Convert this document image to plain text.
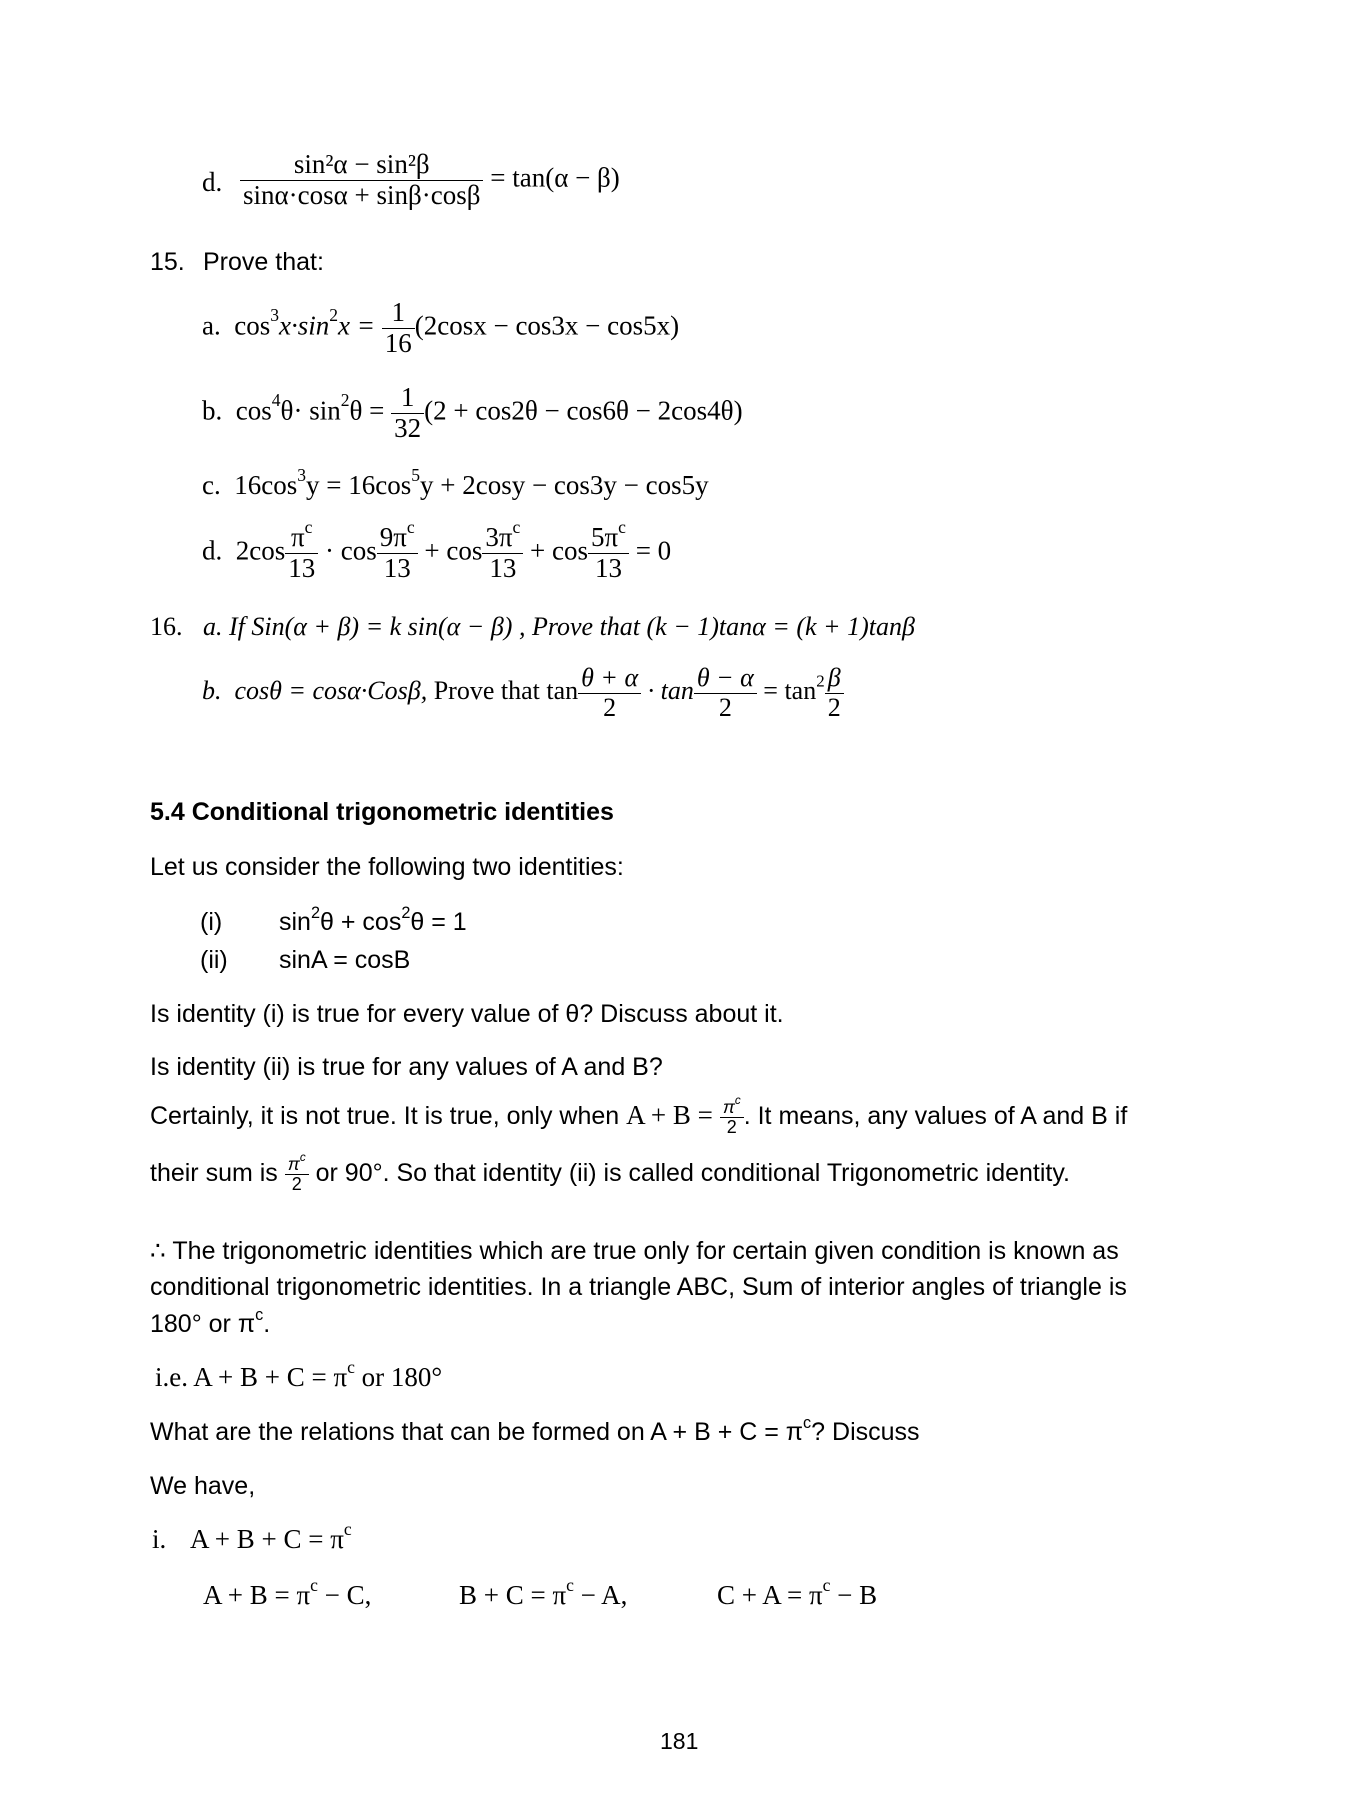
d. $\frac{\text{sin²α − sin²β}}{\sin\alpha\cdot\cos\alpha + \sin\beta\cdot\cos\beta} = \tan(\alpha - \beta)$
15. Prove that:
a. $\cos^3x\cdot\sin^2x = \frac{1}{16} (2\cos x - \cos 3x - \cos 5x)$
b. $\cos^4\theta\cdot \sin^2\theta = \frac{1}{32} (2 + \cos 2\theta - \cos 6\theta - 2\cos 4\theta)$
c. $16\cos^3y = 16\cos^5y + 2\cos y - \cos 3y - \cos 5y$
d. $2\cos \frac{\pi^c}{13} \cdot \cos \frac{9\pi^c}{13} + \cos \frac{3\pi^c}{13} + \cos \frac{5\pi^c}{13} = 0$
16. a. If Sin(α + β) = k sin(α − β) , Prove that (k − 1)tanα = (k + 1)tanβ
b. cosθ = cosα·Cosβ, Prove that $\tan \frac{\theta + \alpha}{2} \cdot \tan \frac{\theta - \alpha}{2} = \tan^2 \frac{\beta}{2}$
5.4 Conditional trigonometric identities
Let us consider the following two identities:
(i) $\sin^2\theta + \cos^2\theta = 1$
(ii) sinA = cosB
Is identity (i) is true for every value of θ? Discuss about it.
Is identity (ii) is true for any values of A and B?
Certainly, it is not true. It is true, only when $A + B = \frac{\pi^c}{2}$ . It means, any values of A and B if
their sum is $\frac{\pi^c}{2}$ or 90°. So that identity (ii) is called conditional Trigonometric identity.
∴ The trigonometric identities which are true only for certain given condition is known as
conditional trigonometric identities. In a triangle ABC, Sum of interior angles of triangle is
180° or $\pi^c$.
i.e. $A + B + C = \pi^c$ or 180°
What are the relations that can be formed on $A + B + C = \pi^c$? Discuss
We have,
i. $A + B + C = \pi^c$
$A + B = \pi^c - C$,	$B + C = \pi^c - A$,	$C + A = \pi^c - B$
181
